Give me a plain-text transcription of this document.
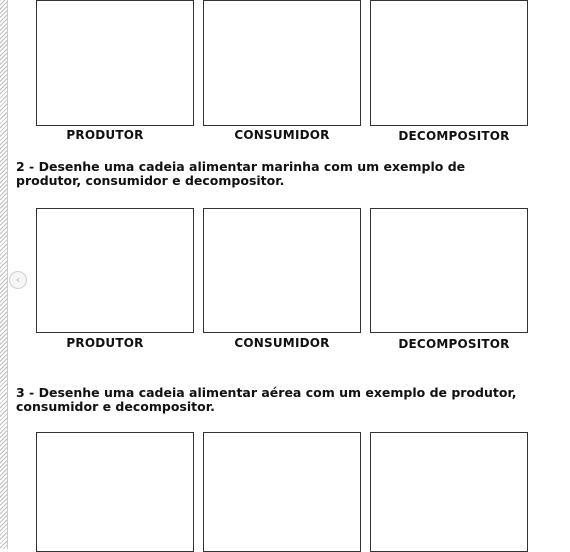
‹
PRODUTOR	CONSUMIDOR	DECOMPOSITOR
2 - Desenhe uma cadeia alimentar marinha com um exemplo de produtor, consumidor e decompositor.
PRODUTOR	CONSUMIDOR	DECOMPOSITOR
3 - Desenhe uma cadeia alimentar aérea com um exemplo de produtor, consumidor e decompositor.
